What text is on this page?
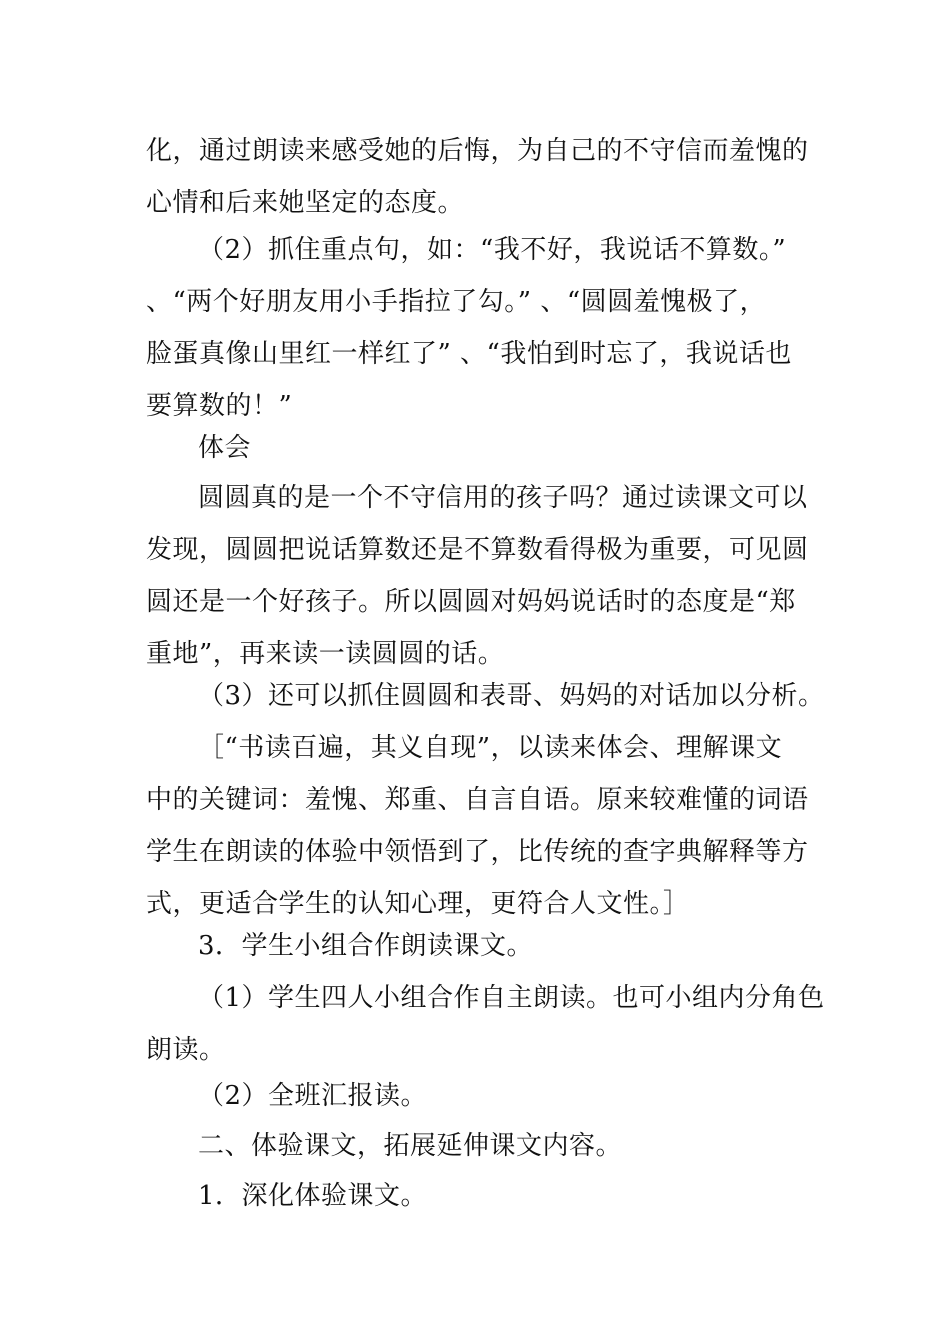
化，通过朗读来感受她的后悔，为自己的不守信而羞愧的
心情和后来她坚定的态度。
（2）抓住重点句，如：“我不好，我说话不算数。”
、“两个好朋友用小手指拉了勾。” 、“圆圆羞愧极了，
脸蛋真像山里红一样红了” 、“我怕到时忘了，我说话也
要算数的！”
体会
圆圆真的是一个不守信用的孩子吗？通过读课文可以
发现，圆圆把说话算数还是不算数看得极为重要，可见圆
圆还是一个好孩子。所以圆圆对妈妈说话时的态度是“郑
重地”，再来读一读圆圆的话。
（3）还可以抓住圆圆和表哥、妈妈的对话加以分析。
［“书读百遍，其义自现”，以读来体会、理解课文
中的关键词：羞愧、郑重、自言自语。原来较难懂的词语
学生在朗读的体验中领悟到了，比传统的查字典解释等方
式，更适合学生的认知心理，更符合人文性。］
3．学生小组合作朗读课文。
（1）学生四人小组合作自主朗读。也可小组内分角色
朗读。
（2）全班汇报读。
二、体验课文，拓展延伸课文内容。
1．深化体验课文。
